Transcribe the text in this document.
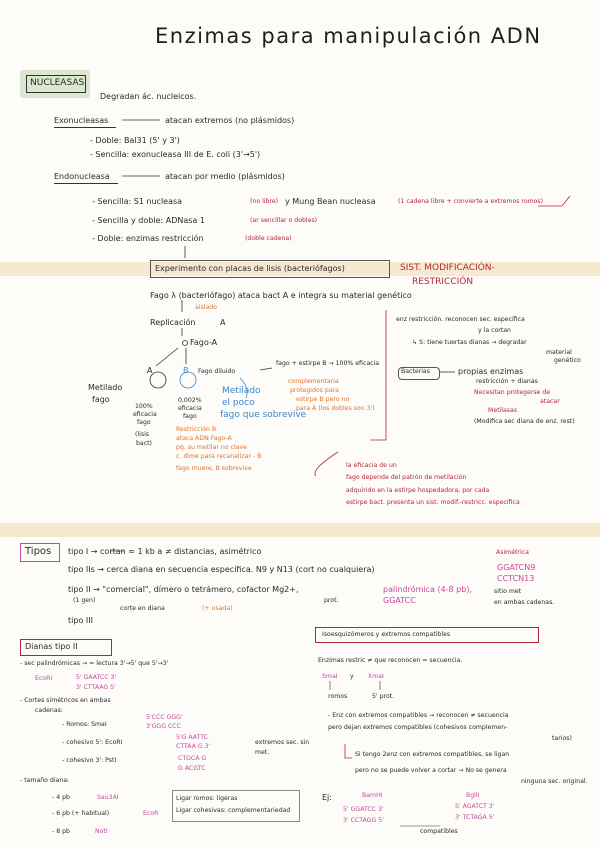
Enzimas para manipulación ADN
NUCLEASAS
Degradan ác. nucleicos.
Exonucleasas	atacan extremos (no plásmidos)
- Doble: Bal31 (5' y 3')
- Sencilla: exonucleasa III de E. coli (3'→5')
Endonucleasa	atacan por medio (plásmidos)
- Sencilla: S1 nucleasa	(no libre) y Mung Bean nucleasa	(1 cadena libre + convierte a extremos romos)
- Sencilla y doble: ADNasa 1	(ar sencillar o dobles)
- Doble: enzimas restricción	(doble cadena)
Experimento con placas de lisis (bacteriófagos)	SIST. MODIFICACIÓN-
RESTRICCIÓN
Fago λ (bacteriófago) ataca bact A e integra su material genético
aislado
Replicación	A
Fago-A
A	B Fago diluido
fago + estirpe B → 100% eficacia
complementaria
protegidos para
estirpe B pero no
para A (los dobles son 3')
Metilado
fago
100%
eficacia
fago
(lisis
bact)
0,002%
eficacia
fago
Metilado
el poco
fago que sobrevive
Restricción B
ataca ADN Fago-A
pq. su metilar no clave
c. dime para recanalizar - B
fago muere, B sobrevive	la eficacia de un
fago depende del patrón de metilación
adquirido en la estirpe hospedadora, por cada
estirpe bact. presenta un sist. modif.-restricc. específica
enz restricción. reconocen sec. específica
y la cortan
↳ S: tiene tuertas dianas → degradar
material
genético
Bacterias	propias enzimas
restricción + dianas
Necesitan protegerse de
atacar
Metilasas
(Modifica sec diana de enz. rest)
Tipos tipo I → cortan ≈ 1 kb a ≠ distancias, asimétrico
tipo IIs → cerca diana en secuencia específica. N9 y N13 (cort no cualquiera)
Asimétrica
GGATCN9
CCTCN13
tipo II → "comercial", dímero o tetrámero, cofactor Mg2+,	palindrómica (4-8 pb),
GGATCC
(1 gen)	prot.
corte en diana	(+ usada)
sitio met
en ambas cadenas.
tipo III
Dianas tipo II
- sec palindrómicas → = lectura 3'→5' que 5'→3'
EcoRI	5' GAATCC 3'
3' CTTAAG 5'
- Cortes simétricos en ambas
cadenas:
- Romos: SmaI
5'CCC GGG'
3'GGG CCC
- cohesivo 5': EcoRI
5'G AATTC
CTTAA G 3'
extremos sec. sin
met.
- cohesivo 3': PstI	CTGCA G
G ACGTC
- tamaño diana:
- 4 pb	Sau3AI
- 6 pb (+ habitual)	EcoR
- 8 pb	NotI
Ligar romos: ligeras
Ligar cohesivas: complementariedad
Isoesquizómeros y extremos compatibles
Enzimas restric ≠ que reconocen = secuencia.
SmaI y XmaI
romos	5' prot.
- Enz con extremos compatibles → reconocen ≠ secuencia
pero dejan extremos compatibles (cohesivos complemen-
tarios)
Si tengo 2enz con extremos compatibles, se ligan
pero no se puede volver a cortar → No se genera
ninguna sec. original.
Ej:	BamHI	BglII
5' GGATCC 3'
3' CCTAGG 5'
5' AGATCT 3'
3' TCTAGA 5'
compatibles
